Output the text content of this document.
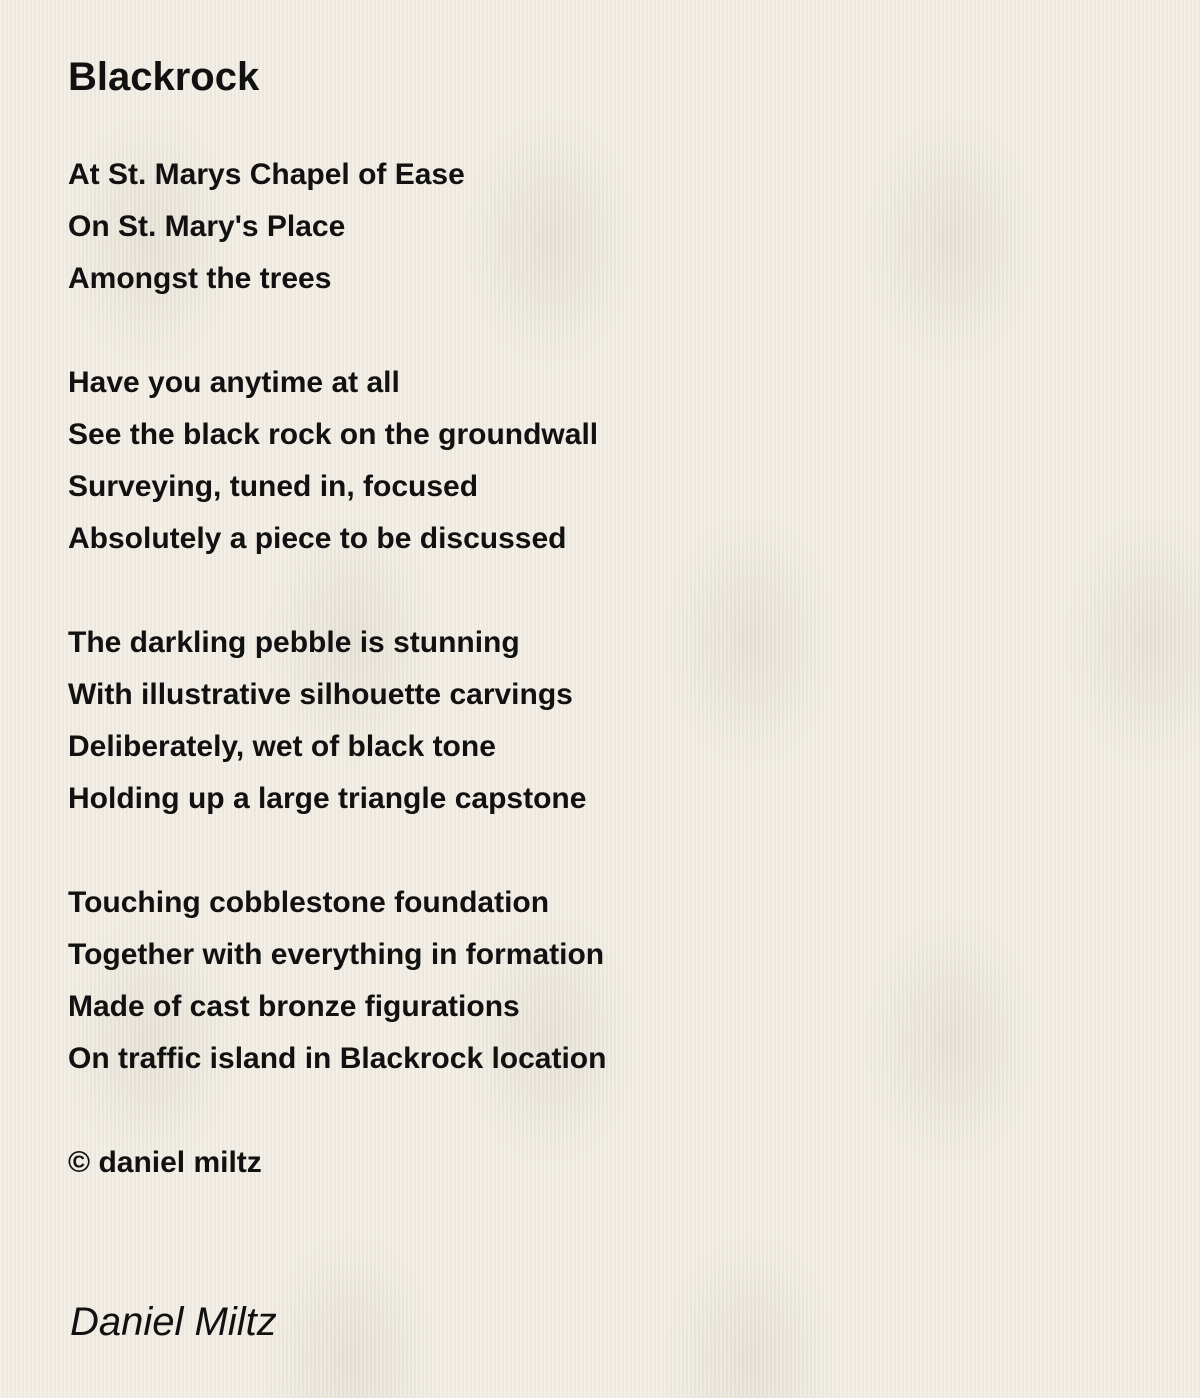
Blackrock
At St. Marys Chapel of Ease
On St. Mary's Place
Amongst the trees
Have you anytime at all
See the black rock on the groundwall
Surveying, tuned in, focused
Absolutely a piece to be discussed
The darkling pebble is stunning
With illustrative silhouette carvings
Deliberately, wet of black tone
Holding up a large triangle capstone
Touching cobblestone foundation
Together with everything in formation
Made of cast bronze figurations
On traffic island in Blackrock location
© daniel miltz
Daniel Miltz
